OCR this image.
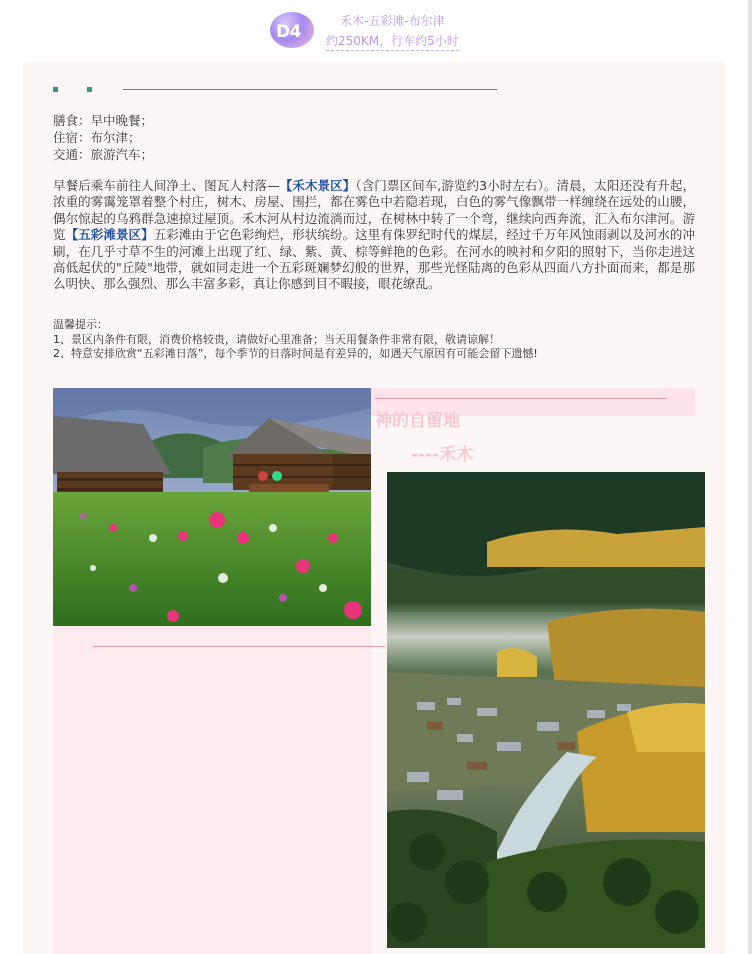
D4
禾木-五彩滩-布尔津
约250KM，行车约5小时
膳食：早中晚餐；
住宿：布尔津；
交通：旅游汽车；
早餐后乘车前往人间净土、图瓦人村落—【禾木景区】（含门票区间车,游览约3小时左右）。清晨，太阳还没有升起，浓重的雾霭笼罩着整个村庄，树木、房屋、围拦，都在雾色中若隐若现，白色的雾气像飘带一样缠绕在远处的山腰，偶尔惊起的乌鸦群急速掠过屋顶。禾木河从村边流淌而过，在树林中转了一个弯，继续向西奔流，汇入布尔津河。游览【五彩滩景区】五彩滩由于它色彩绚烂，形状缤纷。这里有侏罗纪时代的煤层，经过千万年风蚀雨剥以及河水的冲刷，在几乎寸草不生的河滩上出现了红、绿、紫、黄、棕等鲜艳的色彩。在河水的映衬和夕阳的照射下，当你走进这高低起伏的"丘陵"地带，就如同走进一个五彩斑斓梦幻般的世界，那些光怪陆离的色彩从四面八方扑面而来，都是那么明快、那么强烈、那么丰富多彩，真让你感到目不暇接，眼花缭乱。
温馨提示：
1、景区内条件有限，消费价格较贵，请做好心里准备；当天用餐条件非常有限，敬请谅解！
2、特意安排欣赏“五彩滩日落”，每个季节的日落时间是有差异的，如遇天气原因有可能会留下遗憾!
神的自留地
----禾木
